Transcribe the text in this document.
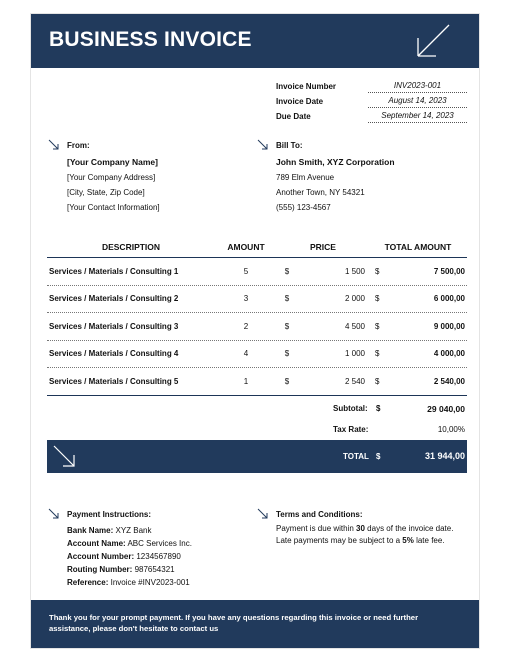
BUSINESS INVOICE
Invoice Number	INV2023-001
Invoice Date	August 14, 2023
Due Date	September 14, 2023
From:
[Your Company Name]
[Your Company Address]
[City, State, Zip Code]
[Your Contact Information]
Bill To:
John Smith, XYZ Corporation
789 Elm Avenue
Another Town, NY 54321
(555) 123-4567
DESCRIPTION	AMOUNT	PRICE	TOTAL AMOUNT
Services / Materials / Consulting 1	5	$	1 500	$	7 500,00
Services / Materials / Consulting 2	3	$	2 000	$	6 000,00
Services / Materials / Consulting 3	2	$	4 500	$	9 000,00
Services / Materials / Consulting 4	4	$	1 000	$	4 000,00
Services / Materials / Consulting 5	1	$	2 540	$	2 540,00
Subtotal: $	29 040,00
Tax Rate:	10,00%
TOTAL $	31 944,00
Payment Instructions:
Bank Name: XYZ Bank
Account Name: ABC Services Inc.
Account Number: 1234567890
Routing Number: 987654321
Reference: Invoice #INV2023-001
Terms and Conditions:
Payment is due within 30 days of the invoice date. Late payments may be subject to a 5% late fee.
Thank you for your prompt payment. If you have any questions regarding this invoice or need further assistance, please don't hesitate to contact us
